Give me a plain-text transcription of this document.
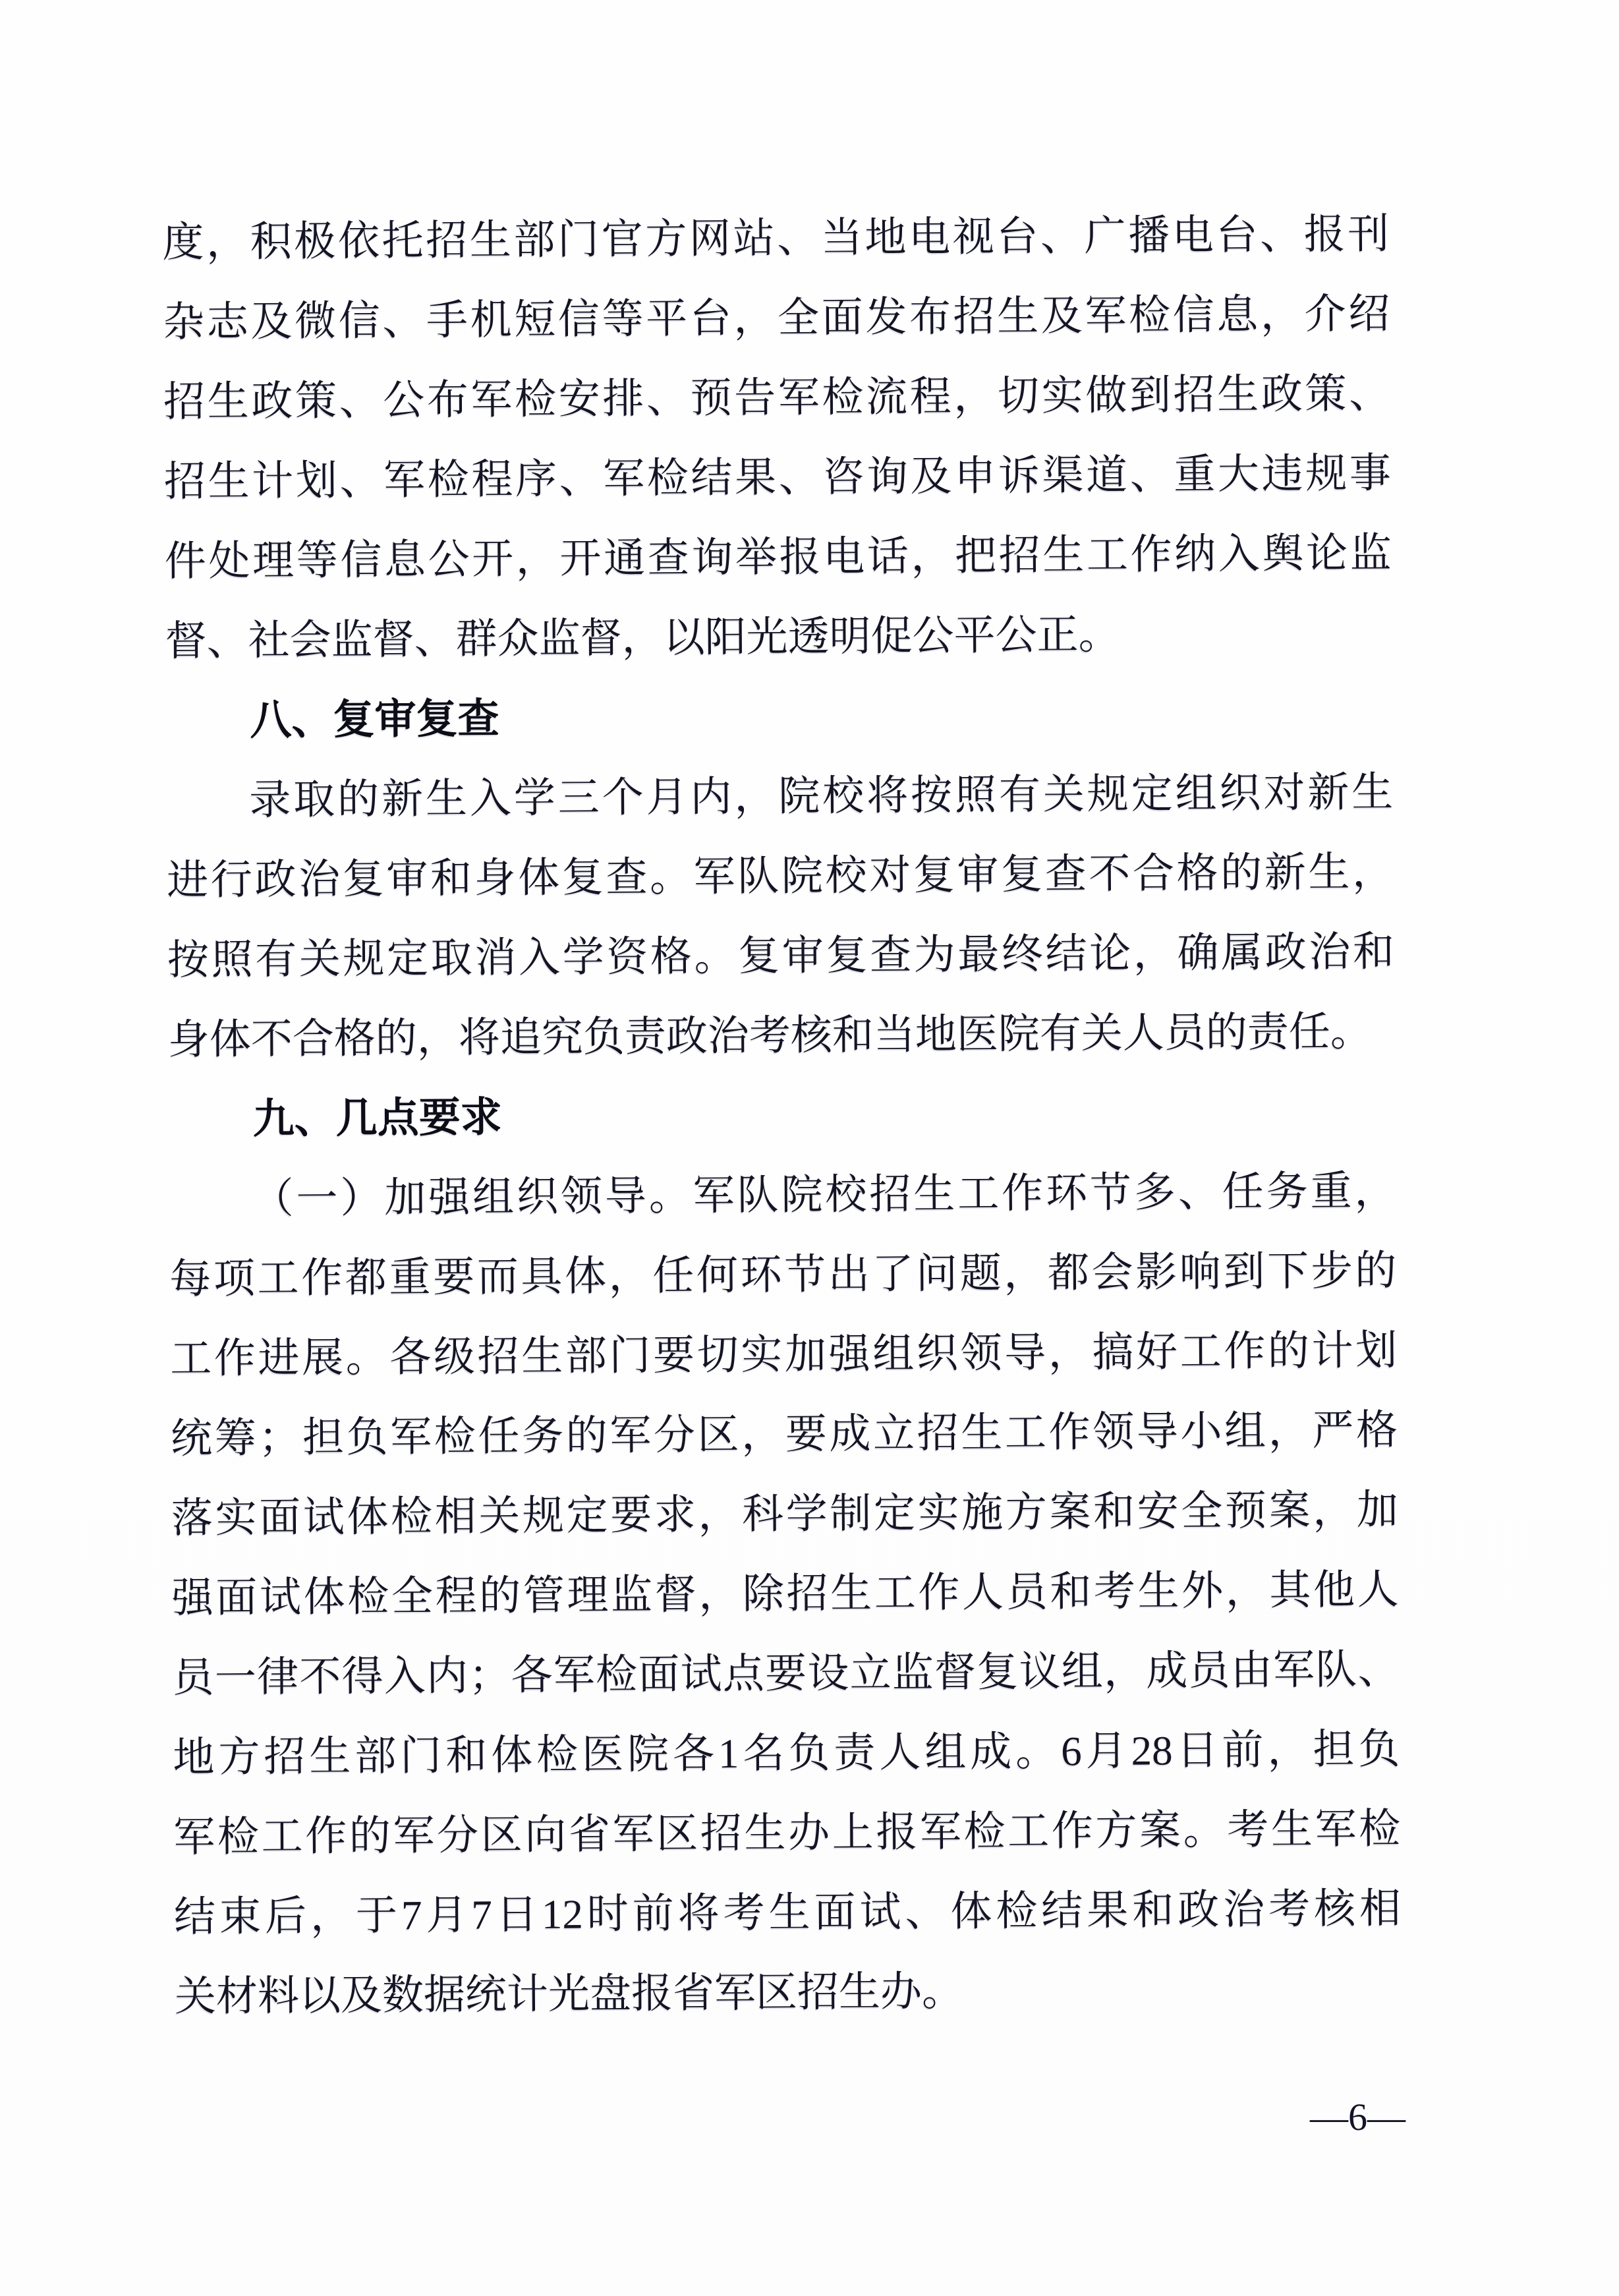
度，积极依托招生部门官方网站、当地电视台、广播电台、报刊
杂志及微信、手机短信等平台，全面发布招生及军检信息，介绍
招生政策、公布军检安排、预告军检流程，切实做到招生政策、
招生计划、军检程序、军检结果、咨询及申诉渠道、重大违规事
件处理等信息公开，开通查询举报电话，把招生工作纳入舆论监
督、社会监督、群众监督，以阳光透明促公平公正。
八、复审复查
录取的新生入学三个月内，院校将按照有关规定组织对新生
进行政治复审和身体复查。军队院校对复审复查不合格的新生，
按照有关规定取消入学资格。复审复查为最终结论，确属政治和
身体不合格的，将追究负责政治考核和当地医院有关人员的责任。
九、几点要求
（一）加强组织领导。军队院校招生工作环节多、任务重，
每项工作都重要而具体，任何环节出了问题，都会影响到下步的
工作进展。各级招生部门要切实加强组织领导，搞好工作的计划
统筹；担负军检任务的军分区，要成立招生工作领导小组，严格
落实面试体检相关规定要求，科学制定实施方案和安全预案，加
强面试体检全程的管理监督，除招生工作人员和考生外，其他人
员一律不得入内；各军检面试点要设立监督复议组，成员由军队、
地方招生部门和体检医院各1名负责人组成。6月28日前，担负
军检工作的军分区向省军区招生办上报军检工作方案。考生军检
结束后，于7月7日12时前将考生面试、体检结果和政治考核相
关材料以及数据统计光盘报省军区招生办。
—6—
